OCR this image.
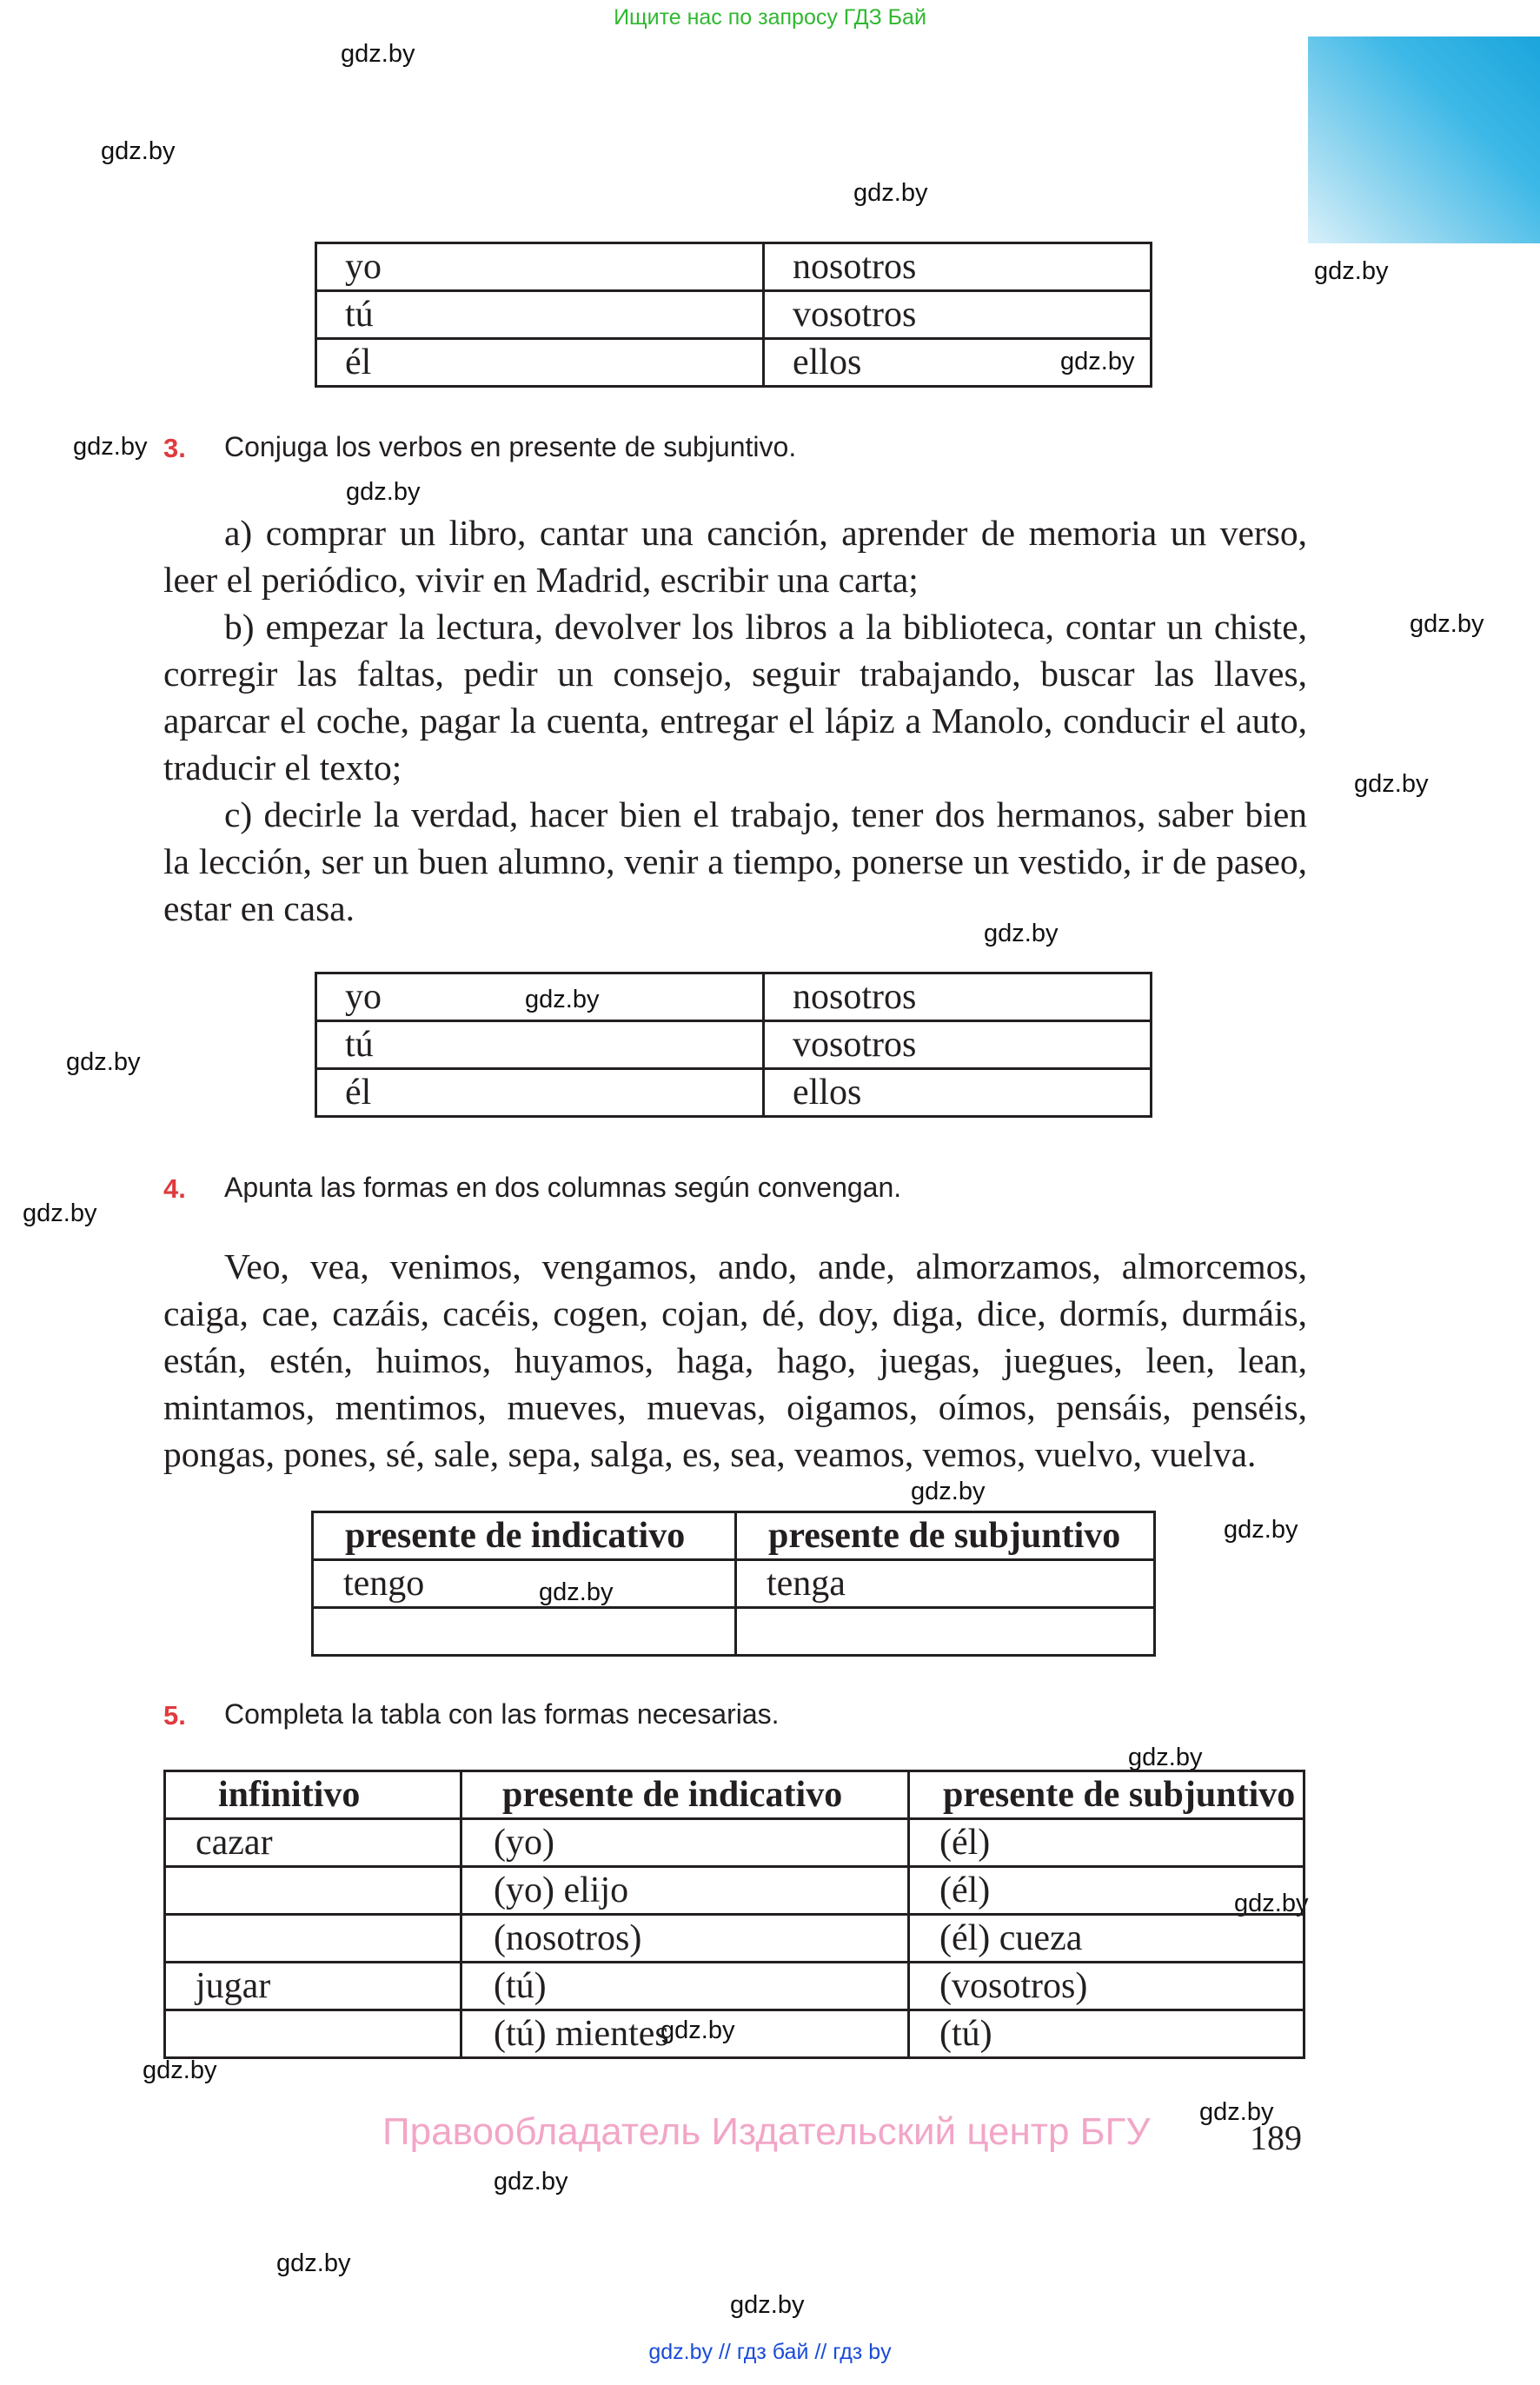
Ищите нас по запросу ГДЗ Бай
gdz.by
gdz.by
gdz.by
gdz.by
gdz.by
gdz.by
gdz.by
gdz.by
gdz.by
gdz.by
gdz.by
gdz.by
gdz.by
gdz.by
gdz.by
gdz.by
gdz.by
gdz.by
gdz.by
gdz.by
gdz.by
gdz.by
gdz.by
gdz.by
yo	nosotros
tú	vosotros
él	ellos
3. Conjuga los verbos en presente de subjuntivo.

a) comprar un libro, cantar una canción, aprender de memoria un verso, leer el periódico, vivir en Madrid, escribir una carta;

b) empezar la lectura, devolver los libros a la biblioteca, contar un chiste, corregir las faltas, pedir un consejo, seguir trabajando, buscar las llaves, aparcar el coche, pagar la cuenta, entregar el lápiz a Manolo, conducir el auto, traducir el texto;

c) decirle la verdad, hacer bien el trabajo, tener dos hermanos, saber bien la lección, ser un buen alumno, venir a tiempo, ponerse un vestido, ir de paseo, estar en casa.

yo	nosotros
tú	vosotros
él	ellos
4. Apunta las formas en dos columnas según convengan.

Veo, vea, venimos, vengamos, ando, ande, almorzamos, almorcemos, caiga, cae, cazáis, cacéis, cogen, cojan, dé, doy, diga, dice, dormís, durmáis, están, estén, huimos, huyamos, haga, hago, juegas, juegues, leen, lean, mintamos, mentimos, mueves, muevas, oigamos, oímos, pensáis, penséis, pongas, pones, sé, sale, sepa, salga, es, sea, veamos, vemos, vuelvo, vuelva.

presente de indicativo	presente de subjuntivo
tengo	tenga

5. Completa la tabla con las formas necesarias.
infinitivo	presente de indicativo	presente de subjuntivo
cazar	(yo)	(él)
	(yo) elijo	(él)
	(nosotros)	(él) cueza
jugar	(tú)	(vosotros)
	(tú) mientes	(tú)
Правообладатель Издательский центр БГУ	189
gdz.by // гдз бай // гдз by
